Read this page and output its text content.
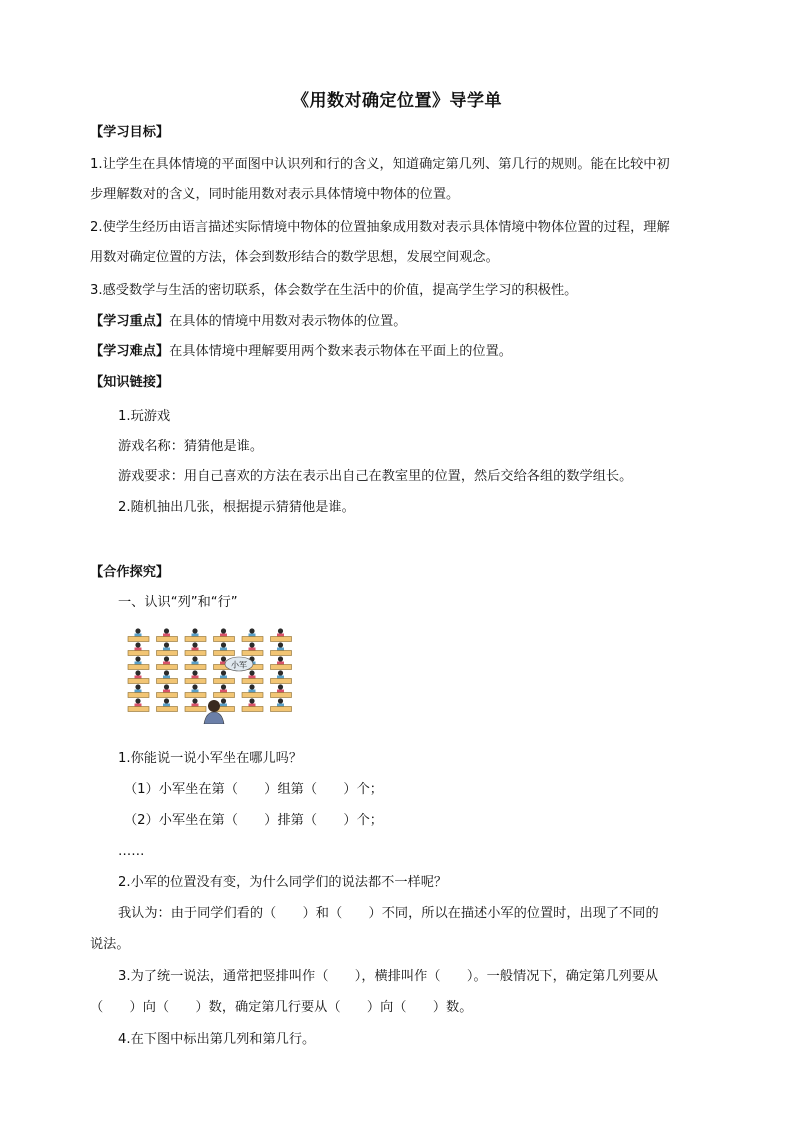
《用数对确定位置》导学单
【学习目标】
1.让学生在具体情境的平面图中认识列和行的含义，知道确定第几列、第几行的规则。能在比较中初
步理解数对的含义，同时能用数对表示具体情境中物体的位置。
2.使学生经历由语言描述实际情境中物体的位置抽象成用数对表示具体情境中物体位置的过程，理解
用数对确定位置的方法，体会到数形结合的数学思想，发展空间观念。
3.感受数学与生活的密切联系，体会数学在生活中的价值，提高学生学习的积极性。
【学习重点】在具体的情境中用数对表示物体的位置。
【学习难点】在具体情境中理解要用两个数来表示物体在平面上的位置。
【知识链接】
1.玩游戏
游戏名称：猜猜他是谁。
游戏要求：用自己喜欢的方法在表示出自己在教室里的位置，然后交给各组的数学组长。
2.随机抽出几张，根据提示猜猜他是谁。
【合作探究】
一、认识“列”和“行”
小军
1.你能说一说小军坐在哪儿吗？
（1）小军坐在第（　　）组第（　　）个；
（2）小军坐在第（　　）排第（　　）个；
……
2.小军的位置没有变，为什么同学们的说法都不一样呢？
我认为：由于同学们看的（　　）和（　　）不同，所以在描述小军的位置时，出现了不同的
说法。
3.为了统一说法，通常把竖排叫作（　　），横排叫作（　　）。一般情况下，确定第几列要从
（　　）向（　　）数，确定第几行要从（　　）向（　　）数。
4.在下图中标出第几列和第几行。
